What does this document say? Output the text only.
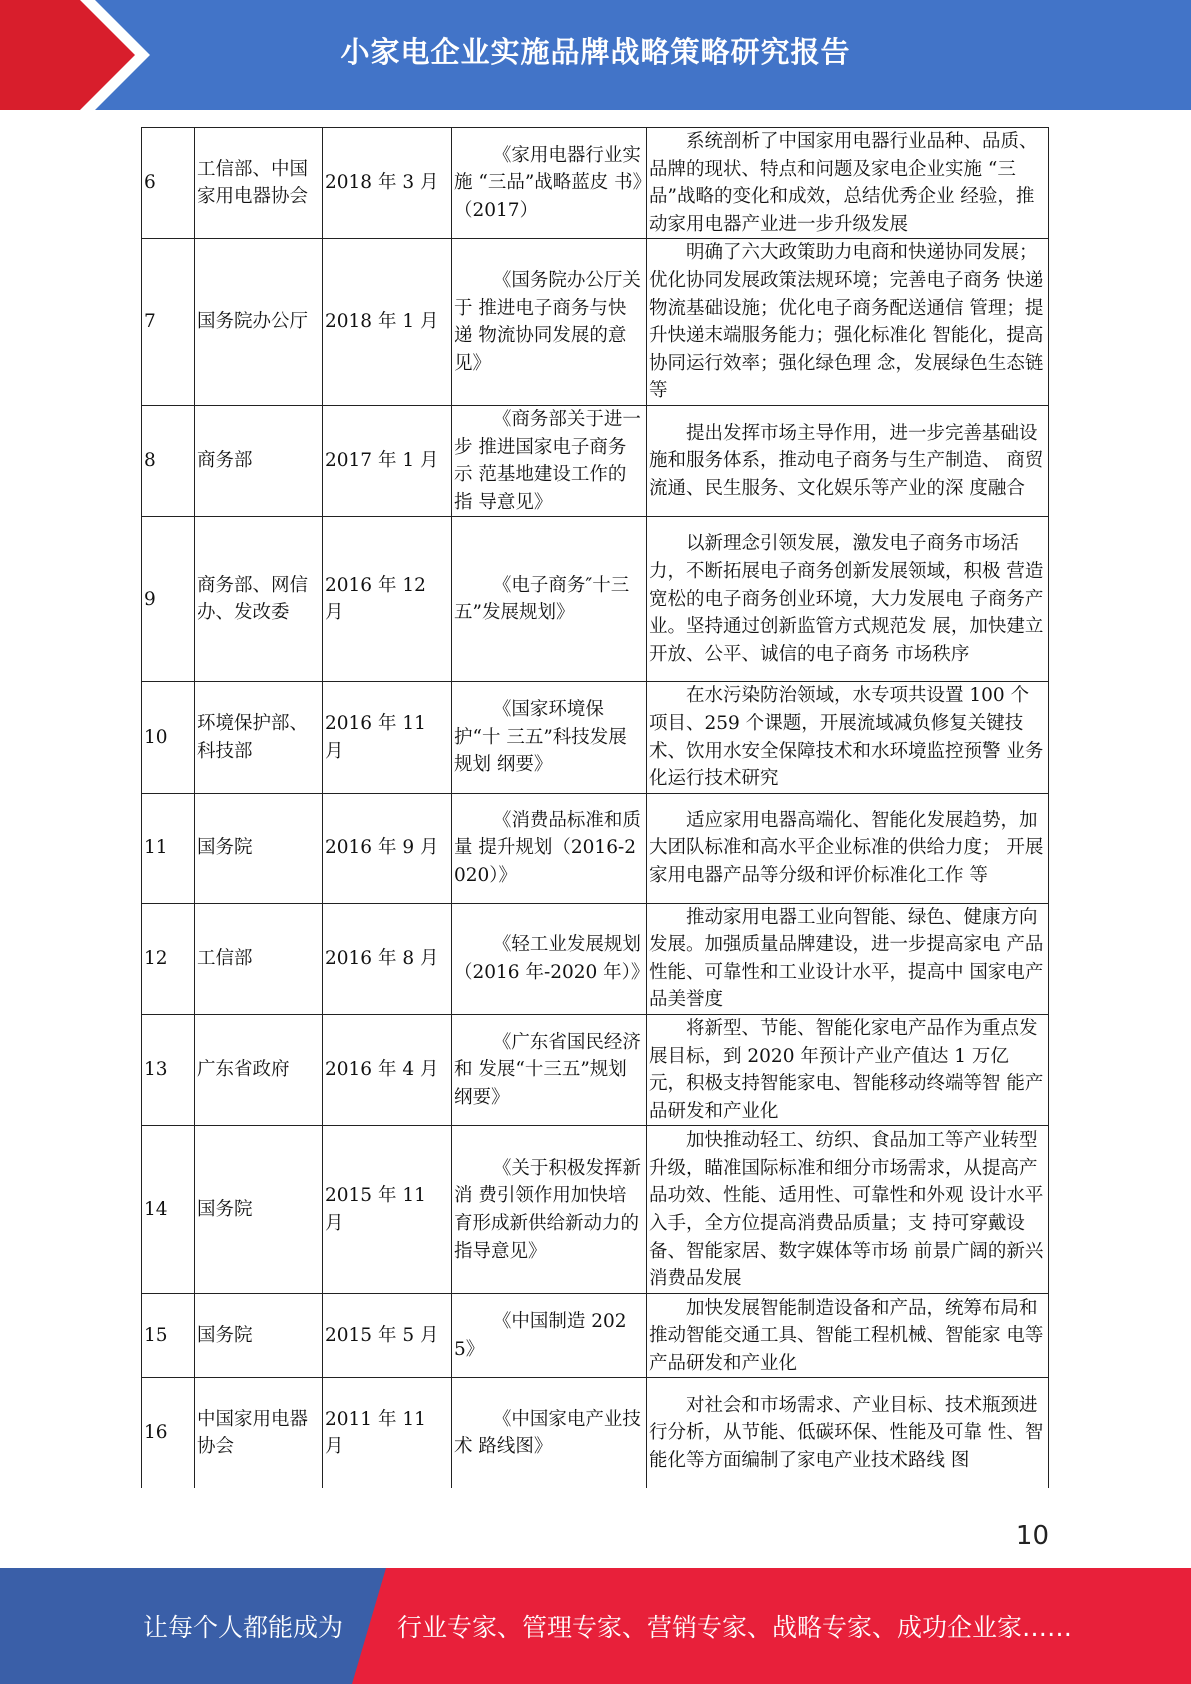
小家电企业实施品牌战略策略研究报告
6	工信部、中国家用电器协会	2018 年 3 月	《家用电器行业实施 “三品”战略蓝皮 书》（2017）	系统剖析了中国家用电器行业品种、品质、品牌的现状、特点和问题及家电企业实施 “三品”战略的变化和成效，总结优秀企业 经验，推动家用电器产业进一步升级发展

7	国务院办公厅	2018 年 1 月	《国务院办公厅关于 推进电子商务与快递 物流协同发展的意 见》	明确了六大政策助力电商和快递协同发展；优化协同发展政策法规环境；完善电子商务 快递物流基础设施；优化电子商务配送通信 管理；提升快递末端服务能力；强化标准化 智能化，提高协同运行效率；强化绿色理 念，发展绿色生态链等

8	商务部	2017 年 1 月	《商务部关于进一步 推进国家电子商务示 范基地建设工作的指 导意见》	提出发挥市场主导作用，进一步完善基础设施和服务体系，推动电子商务与生产制造、 商贸流通、民生服务、文化娱乐等产业的深 度融合

9	商务部、网信办、发改委	2016 年 12 月	《电子商务″十三五”发展规划》	以新理念引领发展，激发电子商务市场活力，不断拓展电子商务创新发展领域，积极 营造宽松的电子商务创业环境，大力发展电 子商务产业。坚持通过创新监管方式规范发 展，加快建立开放、公平、诚信的电子商务 市场秩序

10	环境保护部、科技部	2016 年 11 月	《国家环境保护“十 三五”科技发展规划 纲要》	在水污染防治领域，水专项共设置 100 个项目、259 个课题，开展流域减负修复关键技 术、饮用水安全保障技术和水环境监控预警 业务化运行技术研究

11	国务院	2016 年 9 月	《消费品标准和质量 提升规划（2016-2020）》	适应家用电器高端化、智能化发展趋势，加大团队标准和高水平企业标准的供给力度； 开展家用电器产品等分级和评价标准化工作 等

12	工信部	2016 年 8 月	《轻工业发展规划（2016 年-2020 年）》	推动家用电器工业向智能、绿色、健康方向发展。加强质量品牌建设，进一步提高家电 产品性能、可靠性和工业设计水平，提高中 国家电产品美誉度

13	广东省政府	2016 年 4 月	《广东省国民经济和 发展“十三五”规划 纲要》	将新型、节能、智能化家电产品作为重点发展目标，到 2020 年预计产业产值达 1 万亿 元，积极支持智能家电、智能移动终端等智 能产品研发和产业化

14	国务院	2015 年 11 月	《关于积极发挥新消 费引领作用加快培育形成新供给新动力的 指导意见》	加快推动轻工、纺织、食品加工等产业转型升级，瞄准国际标准和细分市场需求，从提高产品功效、性能、适用性、可靠性和外观 设计水平入手，全方位提高消费品质量；支 持可穿戴设备、智能家居、数字媒体等市场 前景广阔的新兴消费品发展

15	国务院	2015 年 5 月	《中国制造 2025》	加快发展智能制造设备和产品，统筹布局和推动智能交通工具、智能工程机械、智能家 电等产品研发和产业化

16	中国家用电器协会	2011 年 11 月	《中国家电产业技术 路线图》	对社会和市场需求、产业目标、技术瓶颈进行分析，从节能、低碳环保、性能及可靠 性、智能化等方面编制了家电产业技术路线 图
10
让每个人都能成为 行业专家、管理专家、营销专家、战略专家、成功企业家……
